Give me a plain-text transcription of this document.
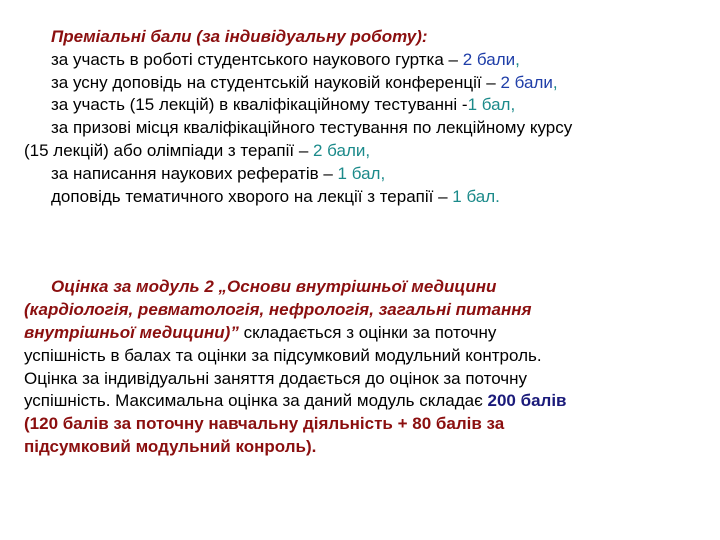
Преміальні бали (за індивідуальну роботу):
за участь в роботі студентського наукового гуртка – 2 бали,
за усну доповідь на студентській науковій конференції – 2 бали,
за участь (15 лекцій) в кваліфікаційному тестуванні -1 бал,
за призові місця кваліфікаційного тестування по лекційному курсу
(15 лекцій) або олімпіади з терапії – 2 бали,
за написання наукових рефератів – 1 бал,
доповідь тематичного хворого на лекції з терапії – 1 бал.
Оцінка за модуль 2 „Основи внутрішньої медицини
(кардіологія, ревматологія, нефрологія, загальні питання
внутрішньої медицини)” складається з оцінки за поточну
успішність в балах та оцінки за підсумковий модульний контроль.
Оцінка за індивідуальні заняття додається до оцінок за поточну
успішність. Максимальна оцінка за даний модуль складає 200 балів
(120 балів за поточну навчальну діяльність + 80 балів за
підсумковий модульний конроль).
